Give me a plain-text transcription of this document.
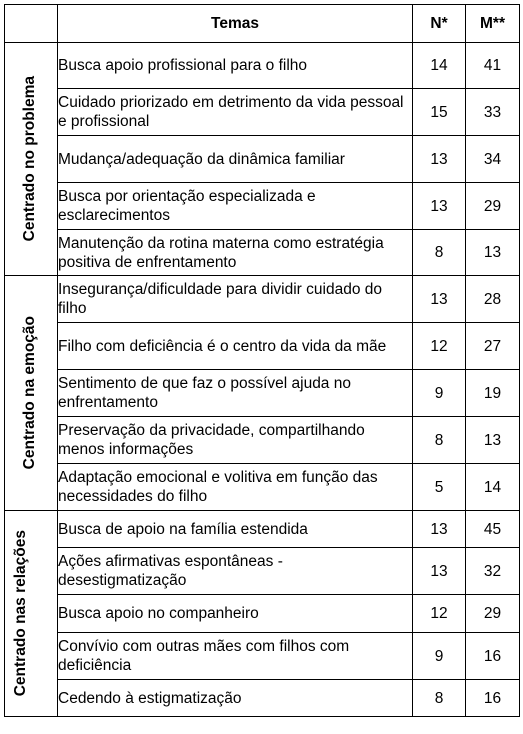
	Temas	N*	M**

Centrado no problema	Busca apoio profissional para o filho	14	41
	Cuidado priorizado em detrimento da vida pessoal e profissional	15	33
	Mudança/adequação da dinâmica familiar	13	34
	Busca por orientação especializada e esclarecimentos	13	29
	Manutenção da rotina materna como estratégia positiva de enfrentamento	8	13

Centrado na emoção	Insegurança/dificuldade para dividir cuidado do filho	13	28
	Filho com deficiência é o centro da vida da mãe	12	27
	Sentimento de que faz o possível ajuda no enfrentamento	9	19
	Preservação da privacidade, compartilhando menos informações	8	13
	Adaptação emocional e volitiva em função das necessidades do filho	5	14

Centrado nas relações	Busca de apoio na família estendida	13	45
	Ações afirmativas espontâneas - desestigmatização	13	32
	Busca apoio no companheiro	12	29
	Convívio com outras mães com filhos com deficiência	9	16
	Cedendo à estigmatização	8	16
